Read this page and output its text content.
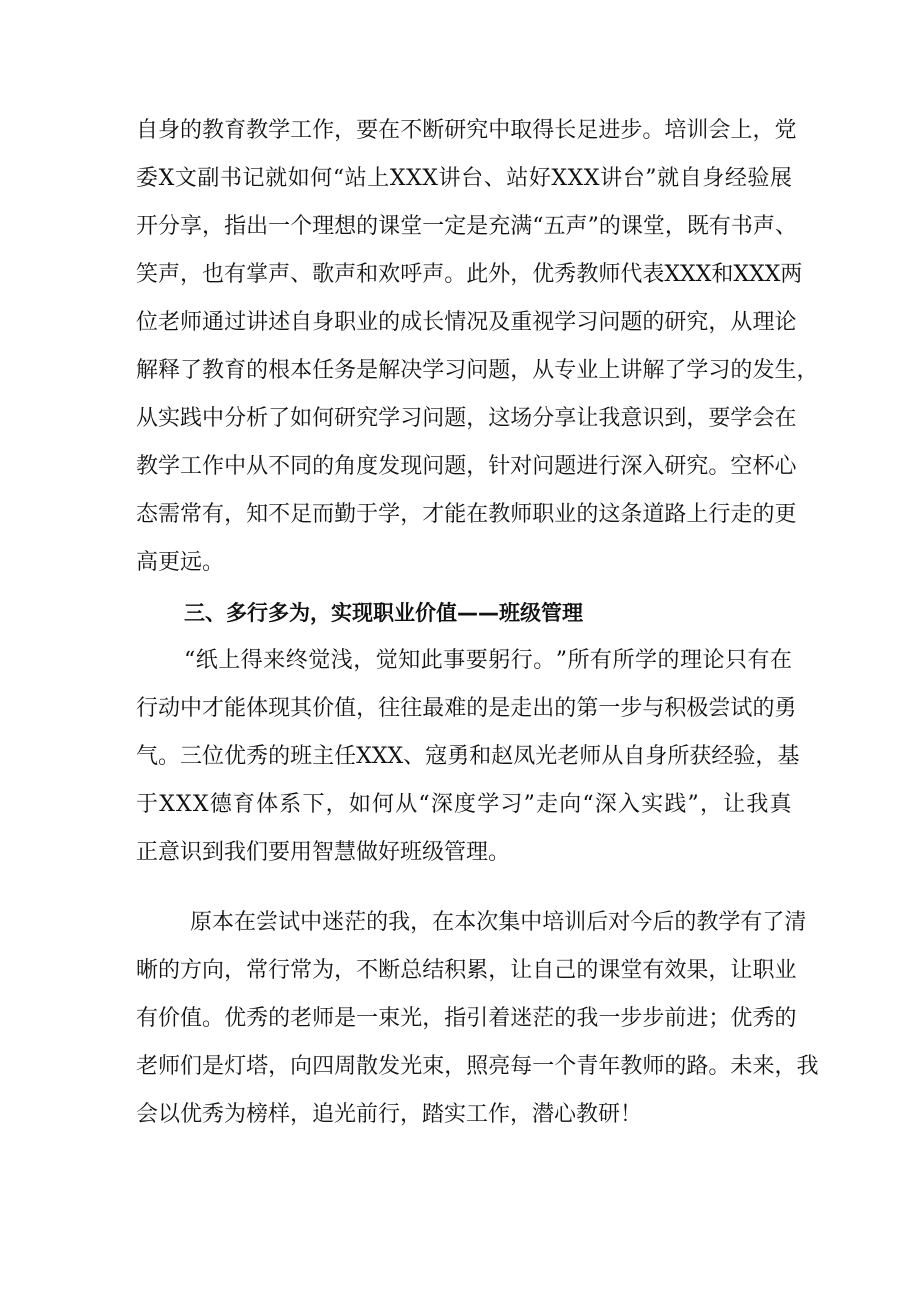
自 身 的 教 育 教 学 工 作 ， 要 在 不 断 研 究 中 取 得 长 足 进 步 。 培 训 会 上 ， 党
委 X 文 副 书 记 就 如 何 “ 站 上 X X X 讲 台 、 站 好 X X X 讲 台 ” 就 自 身 经 验 展
开 分 享 ， 指 出 一 个 理 想 的 课 堂 一 定 是 充 满 “ 五 声 ” 的 课 堂 ， 既 有 书 声 、
笑 声 ， 也 有 掌 声 、 歌 声 和 欢 呼 声 。 此 外 ， 优 秀 教 师 代 表 X X X 和 X X X 两
位 老 师 通 过 讲 述 自 身 职 业 的 成 长 情 况 及 重 视 学 习 问 题 的 研 究 ， 从 理 论
解 释 了 教 育 的 根 本 任 务 是 解 决 学 习 问 题 ， 从 专 业 上 讲 解 了 学 习 的 发 生 ，
从 实 践 中 分 析 了 如 何 研 究 学 习 问 题 ， 这 场 分 享 让 我 意 识 到 ， 要 学 会 在
教 学 工 作 中 从 不 同 的 角 度 发 现 问 题 ， 针 对 问 题 进 行 深 入 研 究 。 空 杯 心
态 需 常 有 ， 知 不 足 而 勤 于 学 ， 才 能 在 教 师 职 业 的 这 条 道 路 上 行 走 的 更
高更远。
三、多行多为，实现职业价值——班级管理
“ 纸 上 得 来 终 觉 浅 ， 觉 知 此 事 要 躬 行 。 ” 所 有 所 学 的 理 论 只 有 在
行 动 中 才 能 体 现 其 价 值 ， 往 往 最 难 的 是 走 出 的 第 一 步 与 积 极 尝 试 的 勇
气 。 三 位 优 秀 的 班 主 任 X X X 、 寇 勇 和 赵 凤 光 老 师 从 自 身 所 获 经 验 ， 基
于 X X X 德 育 体 系 下 ， 如 何 从 “ 深 度 学 习 ” 走 向 “ 深 入 实 践 ” ， 让 我 真
正意识到我们要用智慧做好班级管理。
原 本 在 尝 试 中 迷 茫 的 我 ， 在 本 次 集 中 培 训 后 对 今 后 的 教 学 有 了 清
晰 的 方 向 ， 常 行 常 为 ， 不 断 总 结 积 累 ， 让 自 己 的 课 堂 有 效 果 ， 让 职 业
有 价 值 。 优 秀 的 老 师 是 一 束 光 ， 指 引 着 迷 茫 的 我 一 步 步 前 进 ； 优 秀 的
老 师 们 是 灯 塔 ， 向 四 周 散 发 光 束 ， 照 亮 每 一 个 青 年 教 师 的 路 。 未 来 ， 我
会以优秀为榜样，追光前行，踏实工作，潜心教研！
